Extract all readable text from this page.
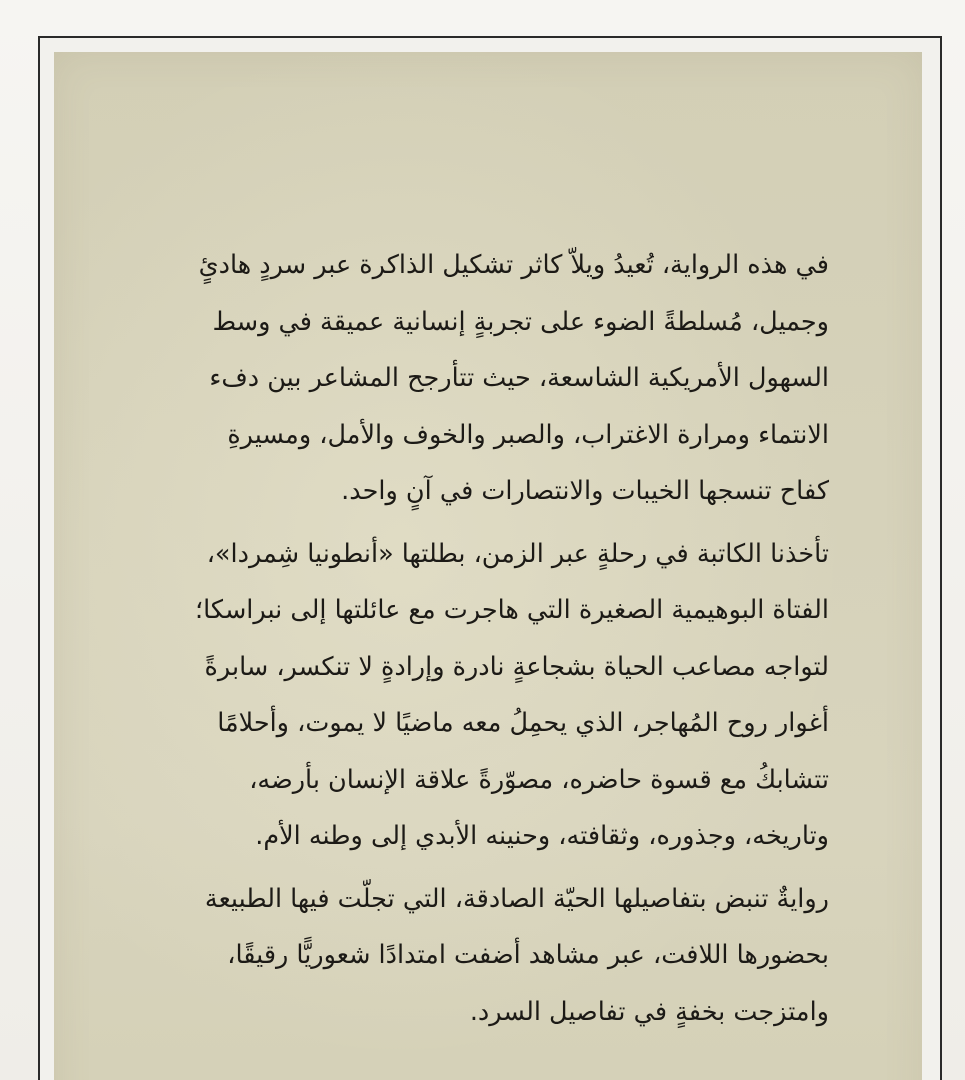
في هذه الرواية، تُعيدُ ويلاّ كاثر تشكيل الذاكرة عبر سردٍ هادئٍ
وجميل، مُسلطةً الضوء على تجربةٍ إنسانية عميقة في وسط
السهول الأمريكية الشاسعة، حيث تتأرجح المشاعر بين دفء
الانتماء ومرارة الاغتراب، والصبر والخوف والأمل، ومسيرةِ
كفاح تنسجها الخيبات والانتصارات في آنٍ واحد.
تأخذنا الكاتبة في رحلةٍ عبر الزمن، بطلتها «أنطونيا شِمردا»،
الفتاة البوهيمية الصغيرة التي هاجرت مع عائلتها إلى نبراسكا؛
لتواجه مصاعب الحياة بشجاعةٍ نادرة وإرادةٍ لا تنكسر، سابرةً
أغوار روح المُهاجر، الذي يحمِلُ معه ماضيًا لا يموت، وأحلامًا
تتشابكُ مع قسوة حاضره، مصوّرةً علاقة الإنسان بأرضه،
وتاريخه، وجذوره، وثقافته، وحنينه الأبدي إلى وطنه الأم.
روايةٌ تنبض بتفاصيلها الحيّة الصادقة، التي تجلّت فيها الطبيعة
بحضورها اللافت، عبر مشاهد أضفت امتدادًا شعوريًّا رقيقًا،
وامتزجت بخفةٍ في تفاصيل السرد.
